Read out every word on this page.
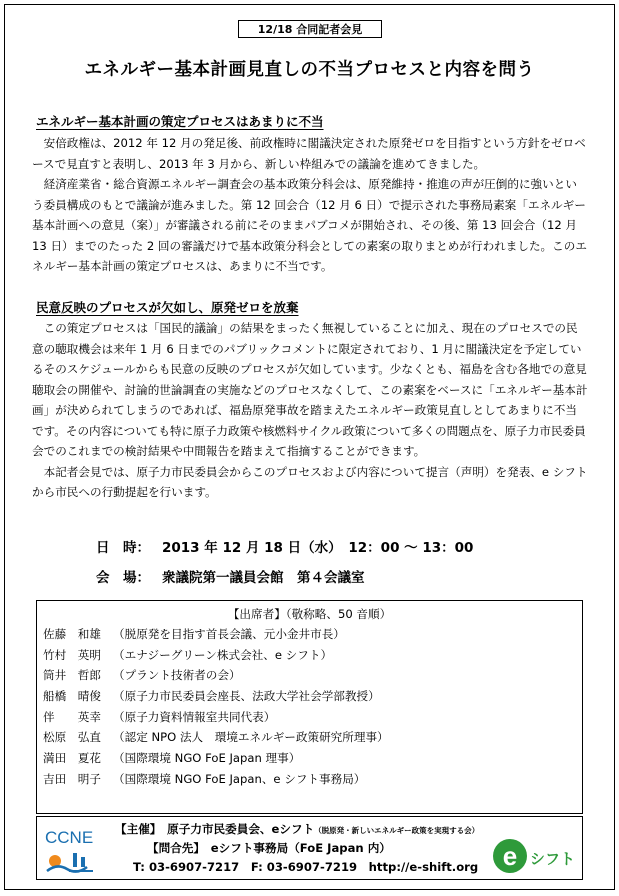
12/18 合同記者会見
エネルギー基本計画見直しの不当プロセスと内容を問う
エネルギー基本計画の策定プロセスはあまりに不当

安倍政権は、2012 年 12 月の発足後、前政権時に閣議決定された原発ゼロを目指すという方針をゼロベースで見直すと表明し、2013 年 3 月から、新しい枠組みでの議論を進めてきました。

経済産業省・総合資源エネルギー調査会の基本政策分科会は、原発維持・推進の声が圧倒的に強いという委員構成のもとで議論が進みました。第 12 回会合（12 月 6 日）で提示された事務局素案「エネルギー基本計画への意見（案）」が審議される前にそのままパブコメが開始され、その後、第 13 回会合（12 月 13 日）までのたった 2 回の審議だけで基本政策分科会としての素案の取りまとめが行われました。このエネルギー基本計画の策定プロセスは、あまりに不当です。

民意反映のプロセスが欠如し、原発ゼロを放棄

この策定プロセスは「国民的議論」の結果をまったく無視していることに加え、現在のプロセスでの民意の聴取機会は来年 1 月 6 日までのパブリックコメントに限定されており、1 月に閣議決定を予定しているそのスケジュールからも民意の反映のプロセスが欠如しています。少なくとも、福島を含む各地での意見聴取会の開催や、討論的世論調査の実施などのプロセスなくして、この素案をベースに「エネルギー基本計画」が決められてしまうのであれば、福島原発事故を踏まえたエネルギー政策見直しとしてあまりに不当です。その内容についても特に原子力政策や核燃料サイクル政策について多くの問題点を、原子力市民委員会でのこれまでの検討結果や中間報告を踏まえて指摘することができます。

本記者会見では、原子力市民委員会からこのプロセスおよび内容について提言（声明）を発表、e シフトから市民への行動提起を行います。

日　時： 2013 年 12 月 18 日（水）　12：00 ～ 13：00
会　場： 衆議院第一議員会館　第４会議室
【出席者】（敬称略、50 音順）
佐藤　和雄	（脱原発を目指す首長会議、元小金井市長）
竹村　英明	（エナジーグリーン株式会社、e シフト）
筒井　哲郎	（プラント技術者の会）
船橋　晴俊	（原子力市民委員会座長、法政大学社会学部教授）
伴　　英幸	（原子力資料情報室共同代表）
松原　弘直	（認定 NPO 法人　環境エネルギー政策研究所理事）
満田　夏花	（国際環境 NGO FoE Japan 理事）
吉田　明子	（国際環境 NGO FoE Japan、e シフト事務局）
CCNE 【主催】　原子力市民委員会、eシフト（脱原発・新しいエネルギー政策を実現する会）
【問合先】　eシフト事務局（FoE Japan 内）
T: 03-6907-7217　F: 03-6907-7219　http://e-shift.org e シフト
